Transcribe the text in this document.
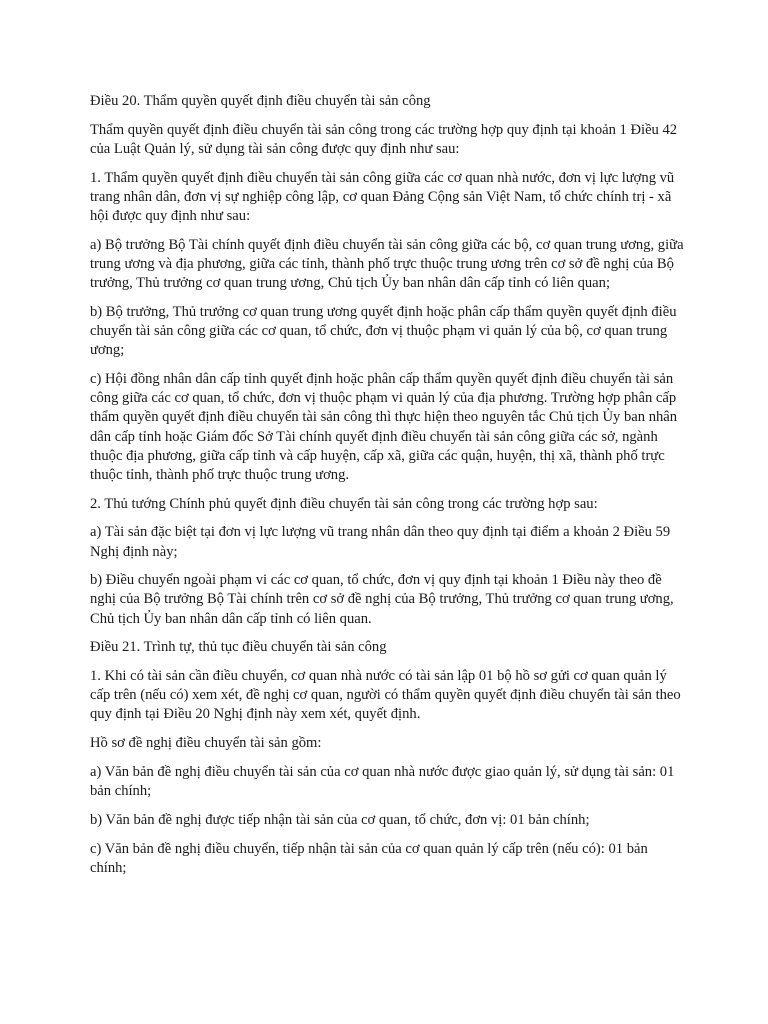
Điều 20. Thẩm quyền quyết định điều chuyển tài sản công

Thẩm quyền quyết định điều chuyển tài sản công trong các trường hợp quy định tại khoản 1 Điều 42 của Luật Quản lý, sử dụng tài sản công được quy định như sau:

1. Thẩm quyền quyết định điều chuyển tài sản công giữa các cơ quan nhà nước, đơn vị lực lượng vũ trang nhân dân, đơn vị sự nghiệp công lập, cơ quan Đảng Cộng sản Việt Nam, tổ chức chính trị - xã hội được quy định như sau:

a) Bộ trưởng Bộ Tài chính quyết định điều chuyển tài sản công giữa các bộ, cơ quan trung ương, giữa trung ương và địa phương, giữa các tỉnh, thành phố trực thuộc trung ương trên cơ sở đề nghị của Bộ trưởng, Thủ trưởng cơ quan trung ương, Chủ tịch Ủy ban nhân dân cấp tỉnh có liên quan;

b) Bộ trưởng, Thủ trưởng cơ quan trung ương quyết định hoặc phân cấp thẩm quyền quyết định điều chuyển tài sản công giữa các cơ quan, tổ chức, đơn vị thuộc phạm vi quản lý của bộ, cơ quan trung ương;

c) Hội đồng nhân dân cấp tỉnh quyết định hoặc phân cấp thẩm quyền quyết định điều chuyển tài sản công giữa các cơ quan, tổ chức, đơn vị thuộc phạm vi quản lý của địa phương. Trường hợp phân cấp thẩm quyền quyết định điều chuyển tài sản công thì thực hiện theo nguyên tắc Chủ tịch Ủy ban nhân dân cấp tỉnh hoặc Giám đốc Sở Tài chính quyết định điều chuyển tài sản công giữa các sở, ngành thuộc địa phương, giữa cấp tỉnh và cấp huyện, cấp xã, giữa các quận, huyện, thị xã, thành phố trực thuộc tỉnh, thành phố trực thuộc trung ương.

2. Thủ tướng Chính phủ quyết định điều chuyển tài sản công trong các trường hợp sau:

a) Tài sản đặc biệt tại đơn vị lực lượng vũ trang nhân dân theo quy định tại điểm a khoản 2 Điều 59 Nghị định này;

b) Điều chuyển ngoài phạm vi các cơ quan, tổ chức, đơn vị quy định tại khoản 1 Điều này theo đề nghị của Bộ trưởng Bộ Tài chính trên cơ sở đề nghị của Bộ trưởng, Thủ trưởng cơ quan trung ương, Chủ tịch Ủy ban nhân dân cấp tỉnh có liên quan.

Điều 21. Trình tự, thủ tục điều chuyển tài sản công

1. Khi có tài sản cần điều chuyển, cơ quan nhà nước có tài sản lập 01 bộ hồ sơ gửi cơ quan quản lý cấp trên (nếu có) xem xét, đề nghị cơ quan, người có thẩm quyền quyết định điều chuyển tài sản theo quy định tại Điều 20 Nghị định này xem xét, quyết định.

Hồ sơ đề nghị điều chuyển tài sản gồm:

a) Văn bản đề nghị điều chuyển tài sản của cơ quan nhà nước được giao quản lý, sử dụng tài sản: 01 bản chính;

b) Văn bản đề nghị được tiếp nhận tài sản của cơ quan, tổ chức, đơn vị: 01 bản chính;

c) Văn bản đề nghị điều chuyển, tiếp nhận tài sản của cơ quan quản lý cấp trên (nếu có): 01 bản chính;
